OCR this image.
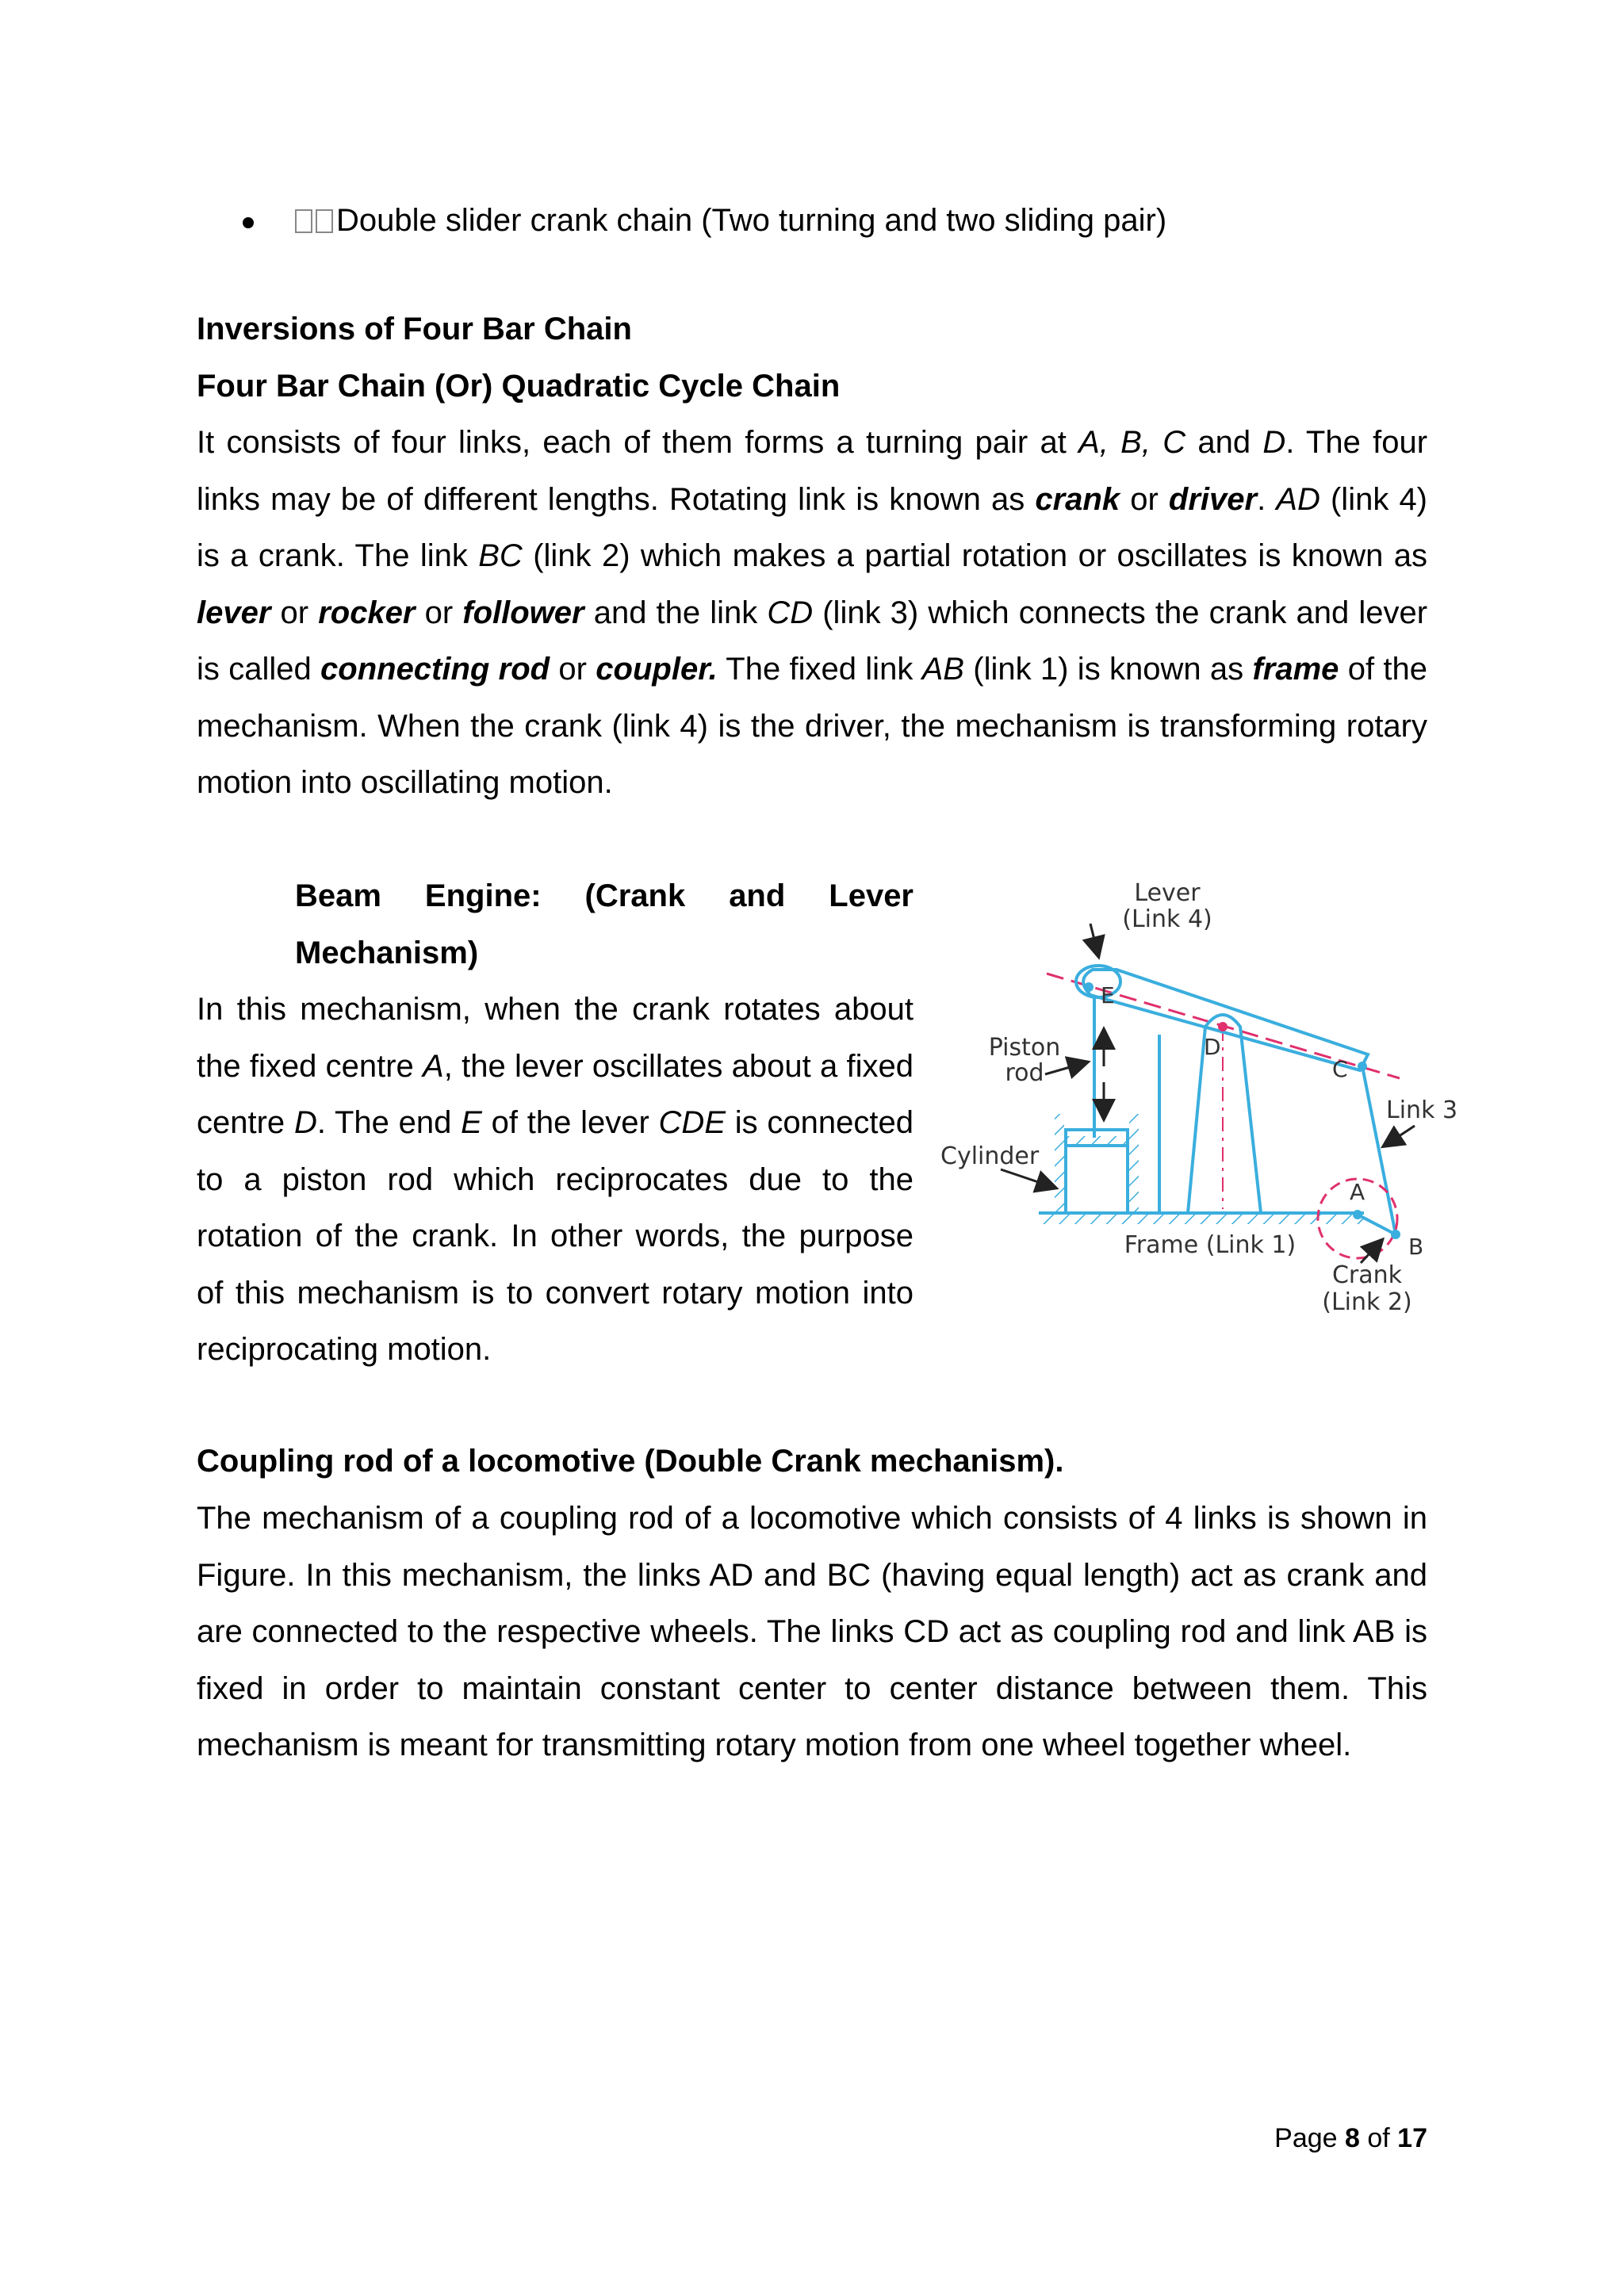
Double slider crank chain (Two turning and two sliding pair)
Inversions of Four Bar Chain
Four Bar Chain (Or) Quadratic Cycle Chain
It consists of four links, each of them forms a turning pair at A, B, C and D. The four links may be of different lengths. Rotating link is known as crank or driver. AD (link 4) is a crank. The link BC (link 2) which makes a partial rotation or oscillates is known as lever or rocker or follower and the link CD (link 3) which connects the crank and lever is called connecting rod or coupler. The fixed link AB (link 1) is known as frame of the mechanism. When the crank (link 4) is the driver, the mechanism is transforming rotary motion into oscillating motion.
Beam Engine: (Crank and Lever Mechanism)
In this mechanism, when the crank rotates about the fixed centre A, the lever oscillates about a fixed centre D. The end E of the lever CDE is connected to a piston rod which reciprocates due to the rotation of the crank. In other words, the purpose of this mechanism is to convert rotary motion into reciprocating motion.
Lever
(Link 4)
E
D
C
Piston
rod
Cylinder
Link 3
A
Frame (Link 1)	B
Crank
(Link 2)
Coupling rod of a locomotive (Double Crank mechanism).
The mechanism of a coupling rod of a locomotive which consists of 4 links is shown in Figure. In this mechanism, the links AD and BC (having equal length) act as crank and are connected to the respective wheels. The links CD act as coupling rod and link AB is fixed in order to maintain constant center to center distance between them. This mechanism is meant for transmitting rotary motion from one wheel together wheel.
Page 8 of 17
